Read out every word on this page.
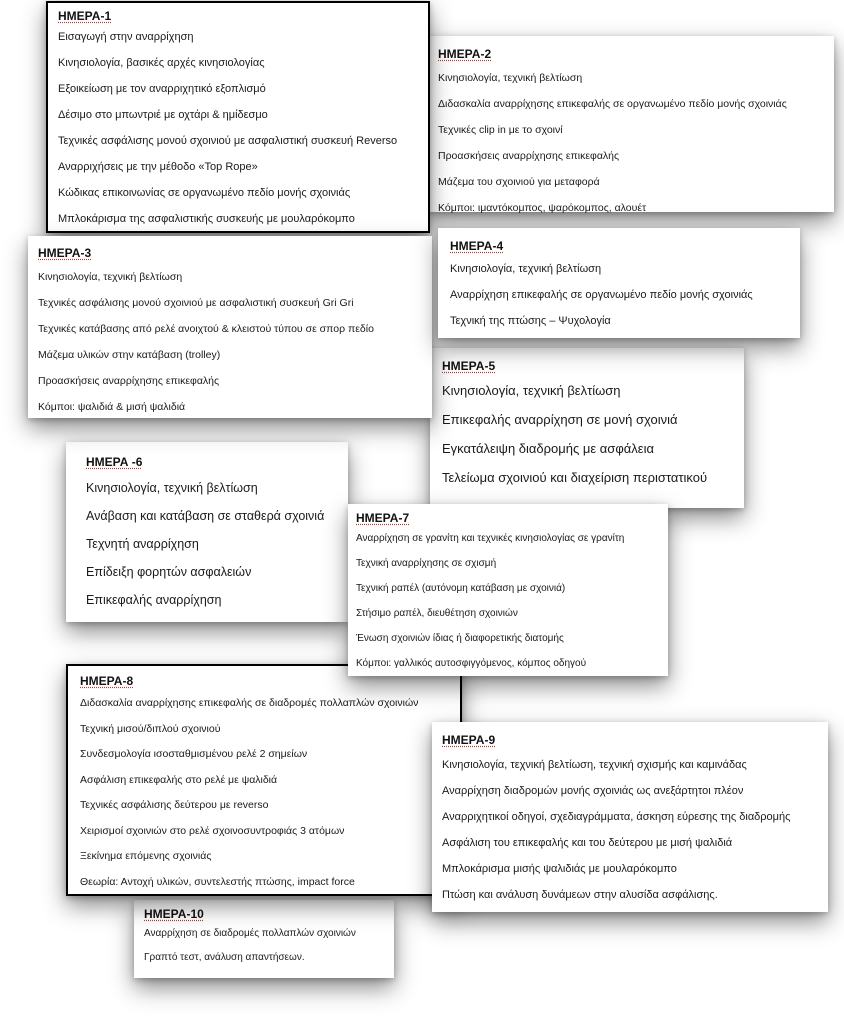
ΗΜΕΡΑ-1
Εισαγωγή στην αναρρίχηση
Κινησιολογία, βασικές αρχές κινησιολογίας
Εξοικείωση με τον αναρριχητικό εξοπλισμό
Δέσιμο στο μπωντριέ με οχτάρι & ημίδεσμο
Τεχνικές ασφάλισης μονού σχοινιού με ασφαλιστική συσκευή Reverso
Αναρριχήσεις με την μέθοδο «Top Rope»
Κώδικας επικοινωνίας σε οργανωμένο πεδίο μονής σχοινιάς
Μπλοκάρισμα της ασφαλιστικής συσκευής με μουλαρόκομπο
ΗΜΕΡΑ-2
Κινησιολογία, τεχνική βελτίωση
Διδασκαλία αναρρίχησης επικεφαλής σε οργανωμένο πεδίο μονής σχοινιάς
Τεχνικές clip in με το σχοινί
Προασκήσεις αναρρίχησης επικεφαλής
Μάζεμα του σχοινιού για μεταφορά
Κόμποι: ιμαντόκομπος, ψαρόκομπος, αλουέτ
ΗΜΕΡΑ-3
Κινησιολογία, τεχνική βελτίωση
Τεχνικές ασφάλισης μονού σχοινιού με ασφαλιστική συσκευή Gri Gri
Τεχνικές κατάβασης από ρελέ ανοιχτού & κλειστού τύπου σε σπορ πεδίο
Μάζεμα υλικών στην κατάβαση (trolley)
Προασκήσεις αναρρίχησης επικεφαλής
Κόμποι: ψαλιδιά & μισή ψαλιδιά
ΗΜΕΡΑ-4
Κινησιολογία, τεχνική βελτίωση
Αναρρίχηση επικεφαλής σε οργανωμένο πεδίο μονής σχοινιάς
Τεχνική της πτώσης – Ψυχολογία
ΗΜΕΡΑ-5
Κινησιολογία, τεχνική βελτίωση
Επικεφαλής αναρρίχηση σε μονή σχοινιά
Εγκατάλειψη διαδρομής με ασφάλεια
Τελείωμα σχοινιού και διαχείριση περιστατικού
ΗΜΕΡΑ -6
Κινησιολογία, τεχνική βελτίωση
Ανάβαση και κατάβαση σε σταθερά σχοινιά
Τεχνητή αναρρίχηση
Επίδειξη φορητών ασφαλειών
Επικεφαλής αναρρίχηση
ΗΜΕΡΑ-7
Αναρρίχηση σε γρανίτη και τεχνικές κινησιολογίας σε γρανίτη
Τεχνική αναρρίχησης σε σχισμή
Τεχνική ραπέλ (αυτόνομη κατάβαση με σχοινιά)
Στήσιμο ραπέλ, διευθέτηση σχοινιών
Ένωση σχοινιών ίδιας ή διαφορετικής διατομής
Κόμποι: γαλλικός αυτοσφιγγόμενος, κόμπος οδηγού
ΗΜΕΡΑ-8
Διδασκαλία αναρρίχησης επικεφαλής σε διαδρομές πολλαπλών σχοινιών
Τεχνική μισού/διπλού σχοινιού
Συνδεσμολογία ισοσταθμισμένου ρελέ 2 σημείων
Ασφάλιση επικεφαλής στο ρελέ με ψαλιδιά
Τεχνικές ασφάλισης δεύτερου με reverso
Χειρισμοί σχοινιών στο ρελέ σχοινοσυντροφιάς 3 ατόμων
Ξεκίνημα επόμενης σχοινιάς
Θεωρία: Αντοχή υλικών, συντελεστής πτώσης, impact force
ΗΜΕΡΑ-9
Κινησιολογία, τεχνική βελτίωση, τεχνική σχισμής και καμινάδας
Αναρρίχηση διαδρομών μονής σχοινιάς ως ανεξάρτητοι πλέον
Αναρριχητικοί οδηγοί, σχεδιαγράμματα, άσκηση εύρεσης της διαδρομής
Ασφάλιση του επικεφαλής και του δεύτερου με μισή ψαλιδιά
Μπλοκάρισμα μισής ψαλιδιάς με μουλαρόκομπο
Πτώση και ανάλυση δυνάμεων στην αλυσίδα ασφάλισης.
ΗΜΕΡΑ-10
Αναρρίχηση σε διαδρομές πολλαπλών σχοινιών
Γραπτό τεστ, ανάλυση απαντήσεων.
